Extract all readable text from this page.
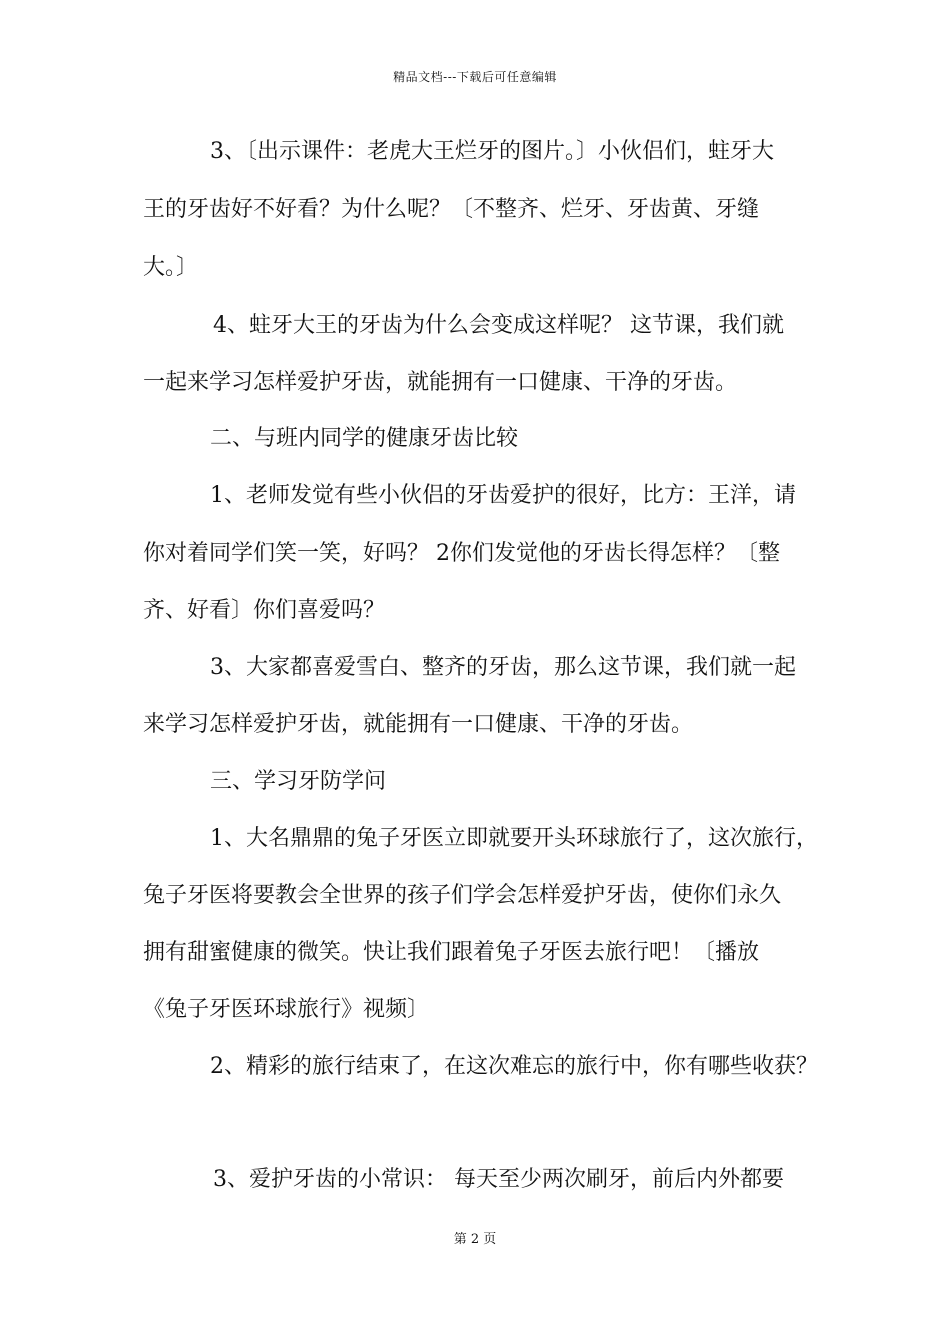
精品文档---下载后可任意编辑
3、〔出示课件：老虎大王烂牙的图片。〕小伙侣们，蛀牙大
王的牙齿好不好看？为什么呢？〔不整齐、烂牙、牙齿黄、牙缝
大。〕
4、蛀牙大王的牙齿为什么会变成这样呢？ 这节课，我们就
一起来学习怎样爱护牙齿，就能拥有一口健康、干净的牙齿。
二、与班内同学的健康牙齿比较
1、老师发觉有些小伙侣的牙齿爱护的很好，比方：王洋，请
你对着同学们笑一笑，好吗？ 2你们发觉他的牙齿长得怎样？〔整
齐、好看〕你们喜爱吗？
3、大家都喜爱雪白、整齐的牙齿，那么这节课，我们就一起
来学习怎样爱护牙齿，就能拥有一口健康、干净的牙齿。
三、学习牙防学问
1、大名鼎鼎的兔子牙医立即就要开头环球旅行了，这次旅行，
兔子牙医将要教会全世界的孩子们学会怎样爱护牙齿，使你们永久
拥有甜蜜健康的微笑。快让我们跟着兔子牙医去旅行吧！〔播放
《兔子牙医环球旅行》视频〕
2、精彩的旅行结束了，在这次难忘的旅行中，你有哪些收获？
3、爱护牙齿的小常识： 每天至少两次刷牙，前后内外都要
第 2 页
